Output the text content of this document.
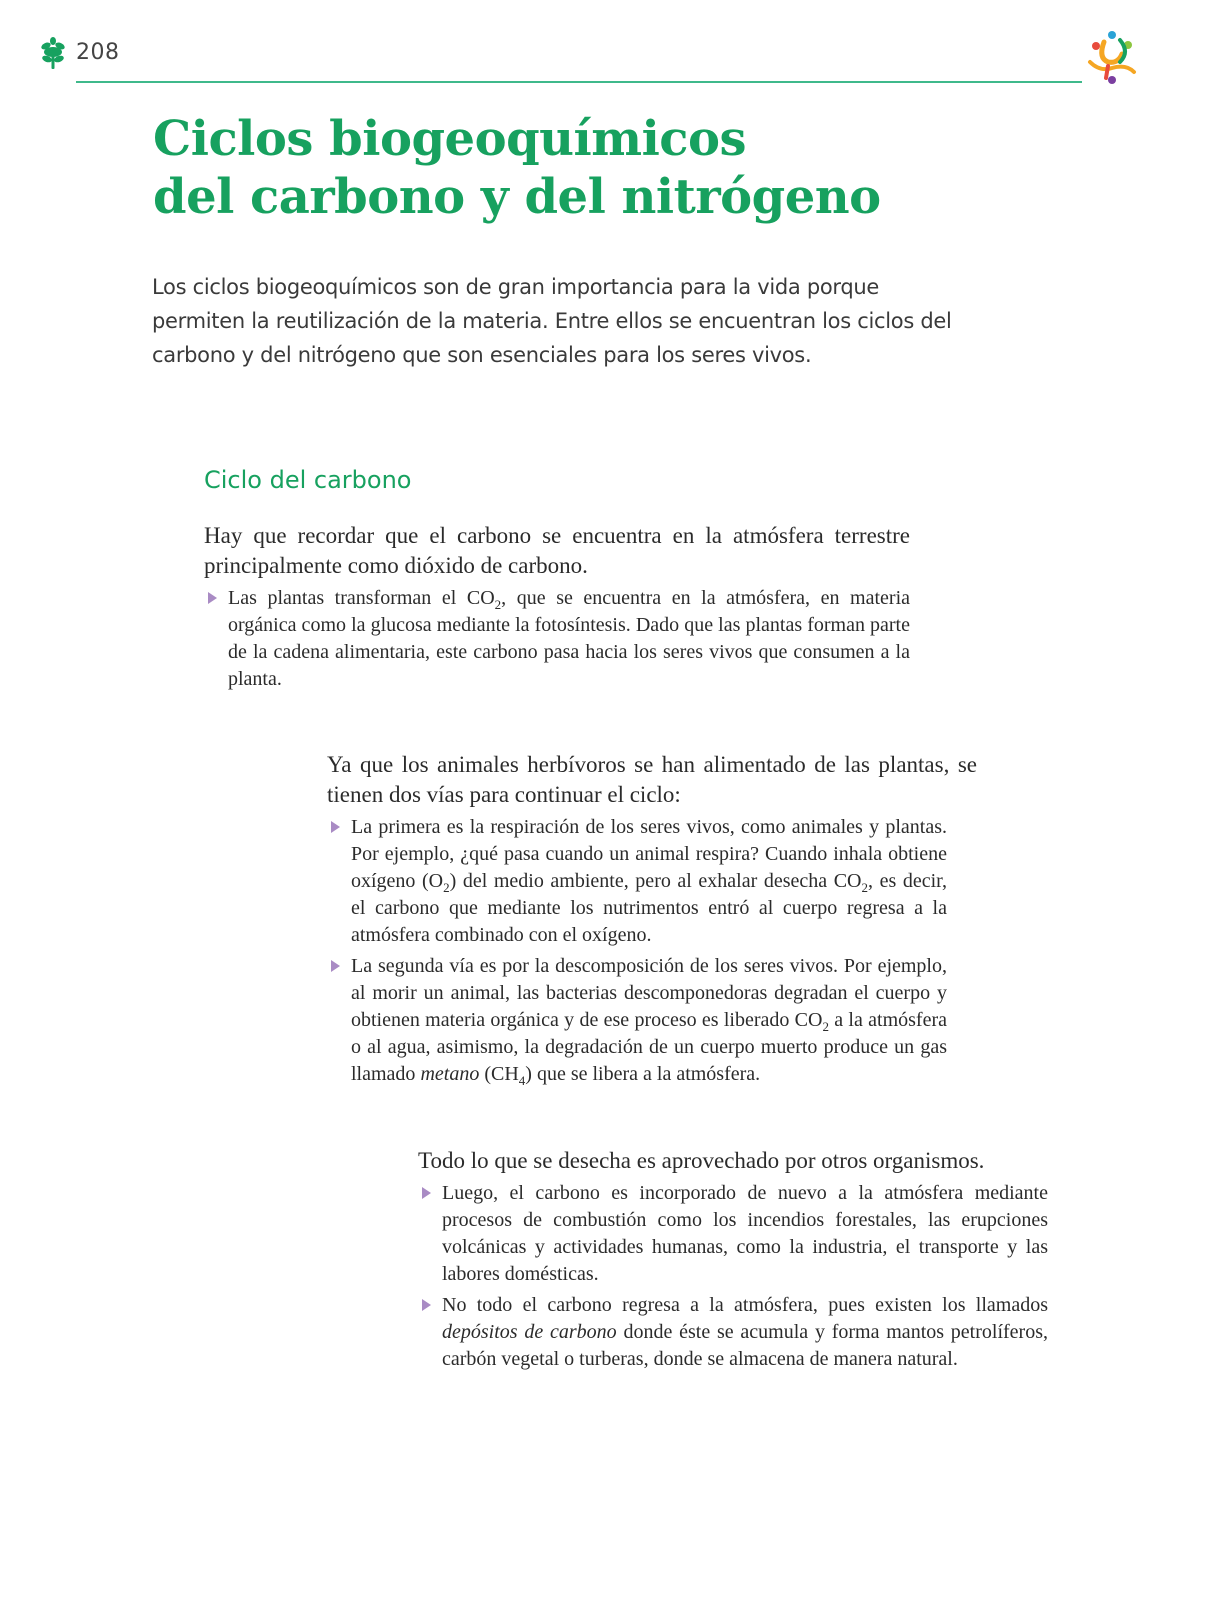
208
Ciclos biogeoquímicos
del carbono y del nitrógeno

Los ciclos biogeoquímicos son de gran importancia para la vida porque permiten la reutilización de la materia. Entre ellos se encuentran los ciclos del carbono y del nitrógeno que son esenciales para los seres vivos.

Ciclo del carbono

Hay que recordar que el carbono se encuentra en la atmósfera terrestre principalmente como dióxido de carbono.

Las plantas transforman el $CO_2$, que se encuentra en la atmósfera, en materia orgánica como la glucosa mediante la fotosíntesis. Dado que las plantas forman parte de la cadena alimentaria, este carbono pasa hacia los seres vivos que consumen a la planta.

Ya que los animales herbívoros se han alimentado de las plantas, se tienen dos vías para continuar el ciclo:

La primera es la respiración de los seres vivos, como animales y plantas. Por ejemplo, ¿qué pasa cuando un animal respira? Cuando inhala obtiene oxígeno $(O_2)$ del medio ambiente, pero al exhalar desecha $CO_2$, es decir, el carbono que mediante los nutrimentos entró al cuerpo regresa a la atmósfera combinado con el oxígeno.
La segunda vía es por la descomposición de los seres vivos. Por ejemplo, al morir un animal, las bacterias descomponedoras degradan el cuerpo y obtienen materia orgánica y de ese proceso es liberado $CO_2$ a la atmósfera o al agua, asimismo, la degradación de un cuerpo muerto produce un gas llamado metano $(CH_4)$ que se libera a la atmósfera.

Todo lo que se desecha es aprovechado por otros organismos.

Luego, el carbono es incorporado de nuevo a la atmósfera mediante procesos de combustión como los incendios forestales, las erupciones volcánicas y actividades humanas, como la industria, el transporte y las labores domésticas.
No todo el carbono regresa a la atmósfera, pues existen los llamados depósitos de carbono donde éste se acumula y forma mantos petrolíferos, carbón vegetal o turberas, donde se almacena de manera natural.
